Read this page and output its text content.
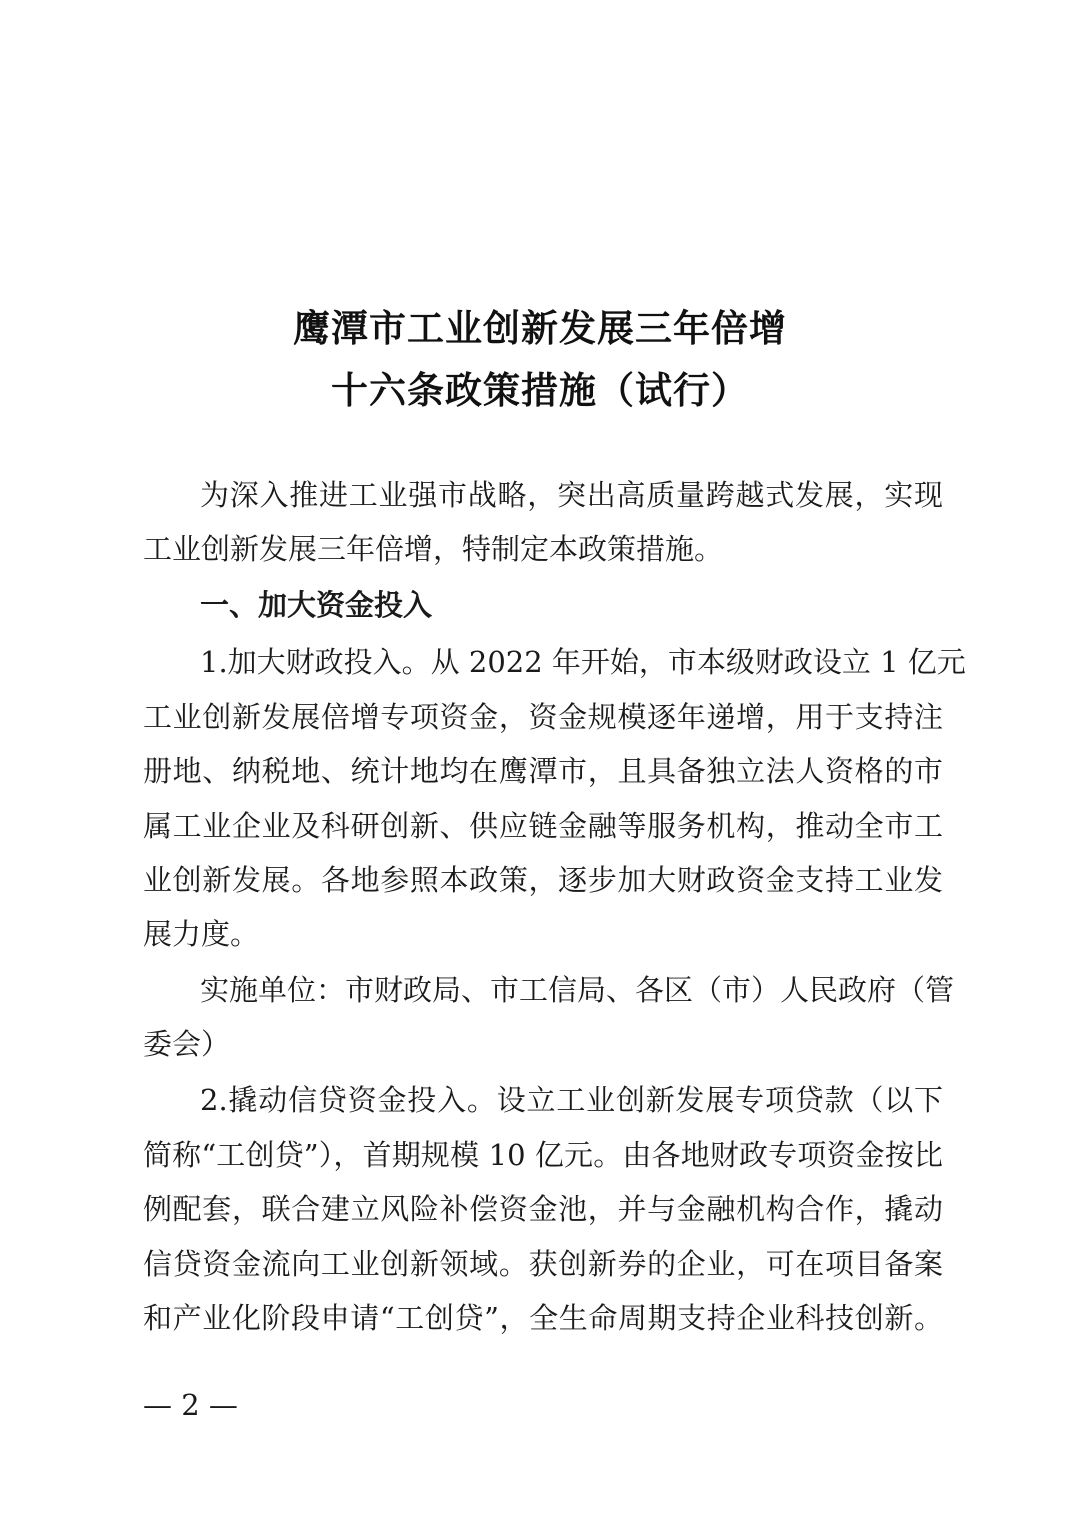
鹰潭市工业创新发展三年倍增
十六条政策措施（试行）
为深入推进工业强市战略，突出高质量跨越式发展，实现
工业创新发展三年倍增，特制定本政策措施。
一、加大资金投入
1.加大财政投入。从 2022 年开始，市本级财政设立 1 亿元
工业创新发展倍增专项资金，资金规模逐年递增，用于支持注
册地、纳税地、统计地均在鹰潭市，且具备独立法人资格的市
属工业企业及科研创新、供应链金融等服务机构，推动全市工
业创新发展。各地参照本政策，逐步加大财政资金支持工业发
展力度。
实施单位：市财政局、市工信局、各区（市）人民政府（管
委会）
2.撬动信贷资金投入。设立工业创新发展专项贷款（以下
简称“工创贷”），首期规模 10 亿元。由各地财政专项资金按比
例配套，联合建立风险补偿资金池，并与金融机构合作，撬动
信贷资金流向工业创新领域。获创新券的企业，可在项目备案
和产业化阶段申请“工创贷”，全生命周期支持企业科技创新。
— 2 —
